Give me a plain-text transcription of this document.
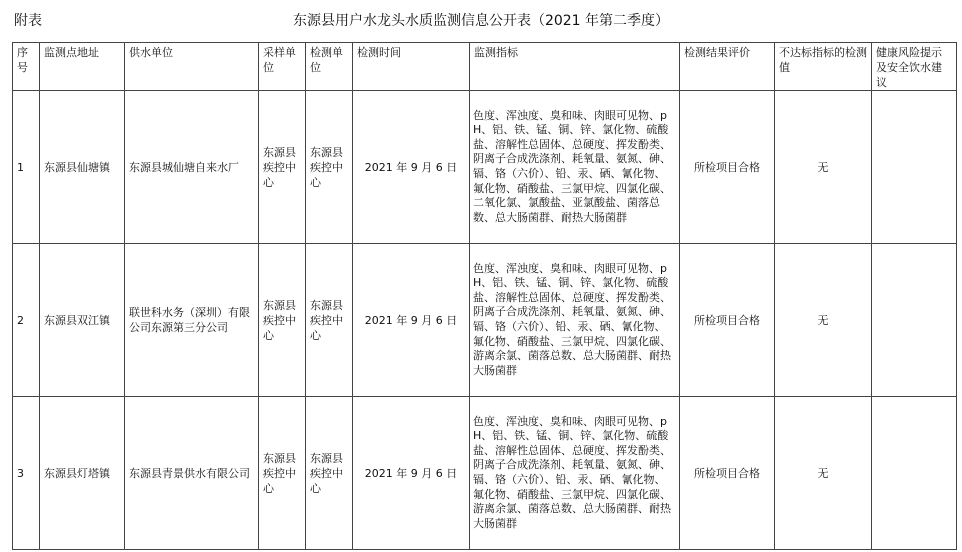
附表	东源县用户水龙头水质监测信息公开表（2021 年第二季度）
序号	监测点地址	供水单位	采样单位	检测单位	检测时间	监测指标	检测结果评价	不达标指标的检测值	健康风险提示及安全饮水建议
1	东源县仙塘镇	东源县城仙塘自来水厂	东源县疾控中心	东源县疾控中心	2021 年 9 月 6 日	色度、浑浊度、臭和味、肉眼可见物、pH、铝、铁、锰、铜、锌、氯化物、硫酸盐、溶解性总固体、总硬度、挥发酚类、阴离子合成洗涤剂、耗氧量、氨氮、砷、镉、铬（六价）、铅、汞、硒、氰化物、氟化物、硝酸盐、三氯甲烷、四氯化碳、二氧化氯、氯酸盐、亚氯酸盐、菌落总数、总大肠菌群、耐热大肠菌群	所检项目合格	无	
2	东源县双江镇	联世科水务（深圳）有限公司东源第三分公司	东源县疾控中心	东源县疾控中心	2021 年 9 月 6 日	色度、浑浊度、臭和味、肉眼可见物、pH、铝、铁、锰、铜、锌、氯化物、硫酸盐、溶解性总固体、总硬度、挥发酚类、阴离子合成洗涤剂、耗氧量、氨氮、砷、镉、铬（六价）、铅、汞、硒、氰化物、氟化物、硝酸盐、三氯甲烷、四氯化碳、游离余氯、菌落总数、总大肠菌群、耐热大肠菌群	所检项目合格	无	
3	东源县灯塔镇	东源县青景供水有限公司	东源县疾控中心	东源县疾控中心	2021 年 9 月 6 日	色度、浑浊度、臭和味、肉眼可见物、pH、铝、铁、锰、铜、锌、氯化物、硫酸盐、溶解性总固体、总硬度、挥发酚类、阴离子合成洗涤剂、耗氧量、氨氮、砷、镉、铬（六价）、铅、汞、硒、氰化物、氟化物、硝酸盐、三氯甲烷、四氯化碳、游离余氯、菌落总数、总大肠菌群、耐热大肠菌群	所检项目合格	无	
